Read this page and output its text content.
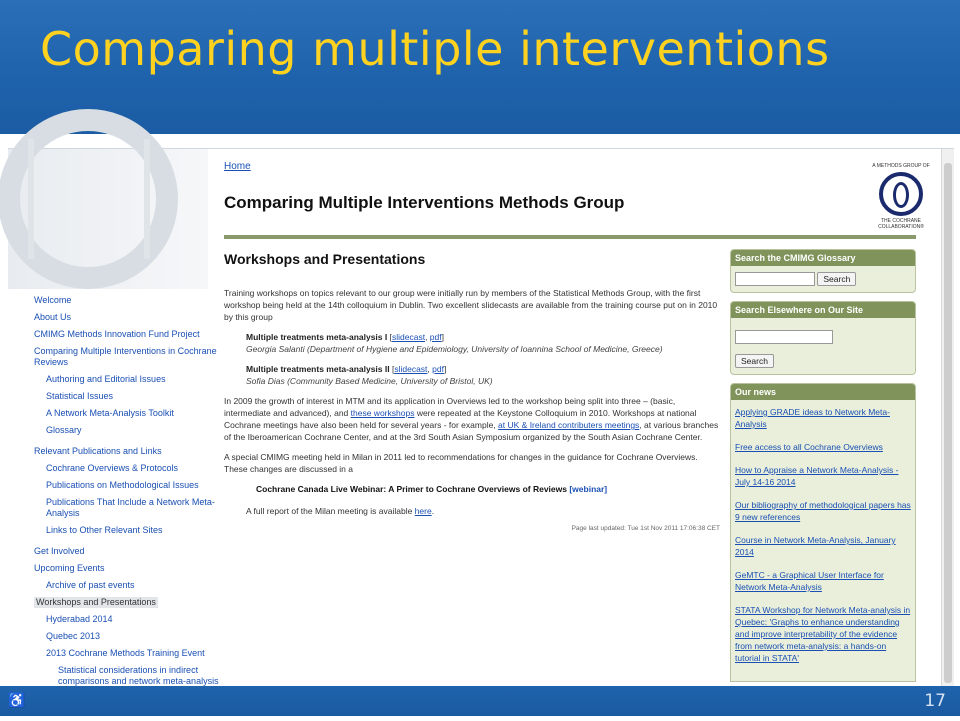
Comparing multiple interventions
Welcome
About Us
CMIMG Methods Innovation Fund Project
Comparing Multiple Interventions in Cochrane Reviews
Authoring and Editorial Issues
Statistical Issues
A Network Meta-Analysis Toolkit
Glossary
Relevant Publications and Links
Cochrane Overviews & Protocols
Publications on Methodological Issues
Publications That Include a Network Meta-Analysis
Links to Other Relevant Sites
Get Involved
Upcoming Events
Archive of past events
Workshops and Presentations
Hyderabad 2014
Quebec 2013
2013 Cochrane Methods Training Event
Statistical considerations in indirect comparisons and network meta-analysis
Home
Comparing Multiple Interventions Methods Group
A METHODS GROUP OF
THE COCHRANE COLLABORATION®
Workshops and Presentations

Training workshops on topics relevant to our group were initially run by members of the Statistical Methods Group, with the first workshop being held at the 14th colloquium in Dublin. Two excellent slidecasts are available from the training course put on in 2010 by this group

Multiple treatments meta-analysis I [slidecast, pdf]
Georgia Salanti (Department of Hygiene and Epidemiology, University of Ioannina School of Medicine, Greece)
Multiple treatments meta-analysis II [slidecast, pdf]
Sofia Dias (Community Based Medicine, University of Bristol, UK)

In 2009 the growth of interest in MTM and its application in Overviews led to the workshop being split into three – (basic, intermediate and advanced), and these workshops were repeated at the Keystone Colloquium in 2010. Workshops at national Cochrane meetings have also been held for several years - for example, at UK & Ireland contributers meetings, at various branches of the Iberoamerican Cochrane Center, and at the 3rd South Asian Symposium organized by the South Asian Cochrane Center.

A special CMIMG meeting held in Milan in 2011 led to recommendations for changes in the guidance for Cochrane Overviews. These changes are discussed in a

Cochrane Canada Live Webinar: A Primer to Cochrane Overviews of Reviews [webinar]
A full report of the Milan meeting is available here.
Page last updated: Tue 1st Nov 2011 17:06:38 CET
Search the CMIMG Glossary
Search
Search Elsewhere on Our Site
Search
Our news
Applying GRADE ideas to Network Meta-Analysis
Free access to all Cochrane Overviews
How to Appraise a Network Meta-Analysis - July 14-16 2014
Our bibliography of methodological papers has 9 new references
Course in Network Meta-Analysis, January 2014
GeMTC - a Graphical User Interface for Network Meta-Analysis
STATA Workshop for Network Meta-analysis in Quebec: 'Graphs to enhance understanding and improve interpretability of the evidence from network meta-analysis: a hands-on tutorial in STATA'
♿	17
